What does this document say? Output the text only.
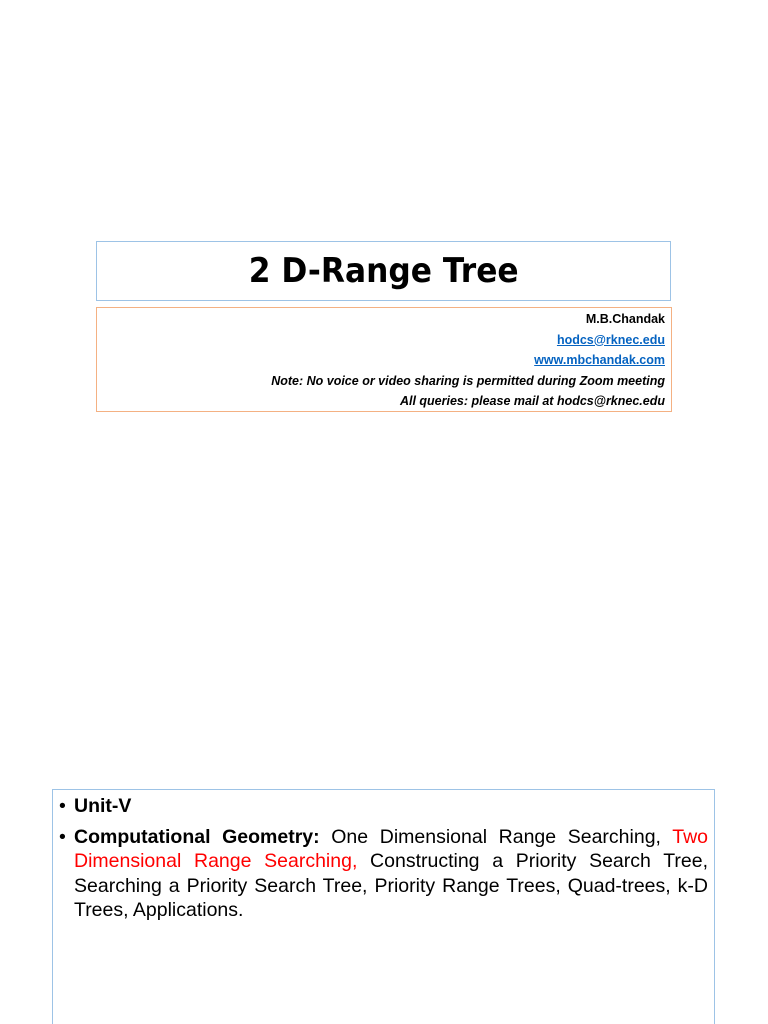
2 D-Range Tree
M.B.Chandak
hodcs@rknec.edu
www.mbchandak.com
Note: No voice or video sharing is permitted during Zoom meeting
All queries: please mail at hodcs@rknec.edu
• Unit-V
• Computational Geometry: One Dimensional Range Searching, Two Dimensional Range Searching, Constructing a Priority Search Tree, Searching a Priority Search Tree, Priority Range Trees, Quad-trees, k-D Trees, Applications.
